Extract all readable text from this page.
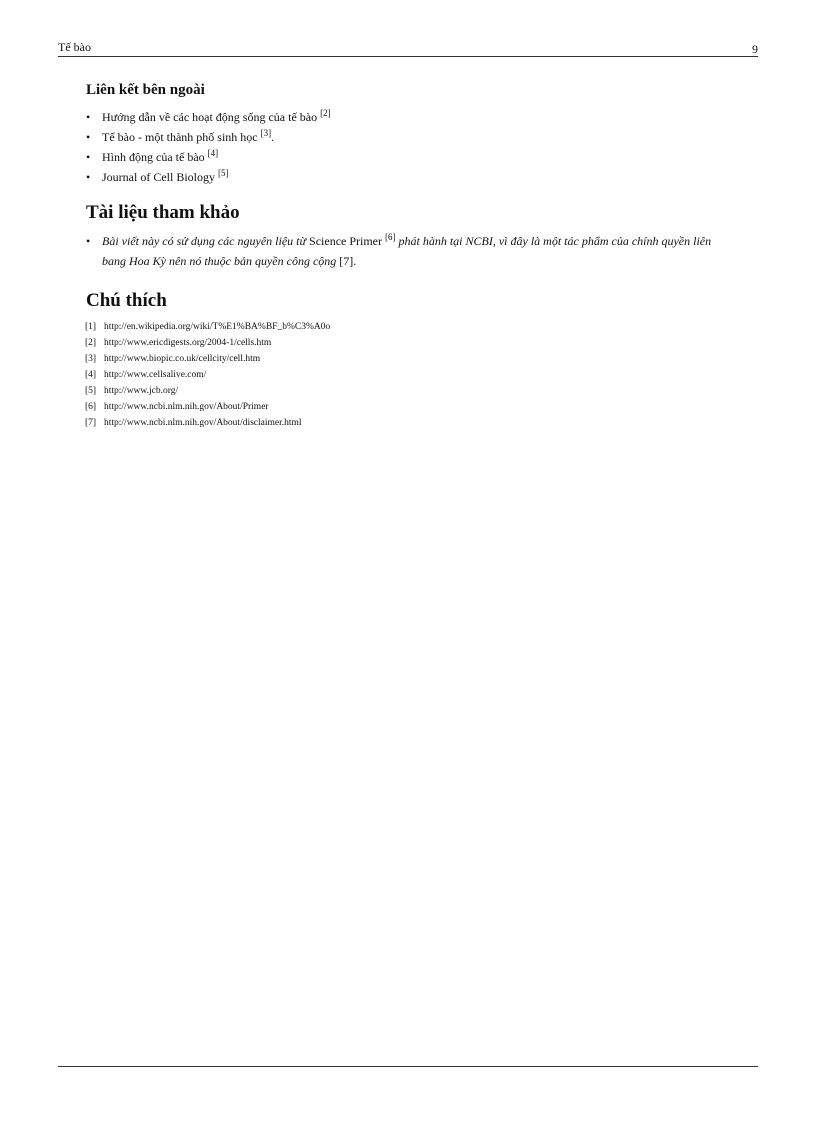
Tế bào	9
Liên kết bên ngoài
• Hướng dẫn về các hoạt động sống của tế bào [2]
• Tế bào - một thành phố sinh học [3].
• Hình động của tế bào [4]
• Journal of Cell Biology [5]
Tài liệu tham khảo
• Bài viết này có sử dụng các nguyên liệu từ Science Primer [6] phát hành tại NCBI, vì đây là một tác phẩm của chính quyền liên bang Hoa Kỳ nên nó thuộc bản quyền công cộng [7].
Chú thích
[1] http://en.wikipedia.org/wiki/T%E1%BA%BF_b%C3%A0o
[2] http://www.ericdigests.org/2004-1/cells.htm
[3] http://www.biopic.co.uk/cellcity/cell.htm
[4] http://www.cellsalive.com/
[5] http://www.jcb.org/
[6] http://www.ncbi.nlm.nih.gov/About/Primer
[7] http://www.ncbi.nlm.nih.gov/About/disclaimer.html
